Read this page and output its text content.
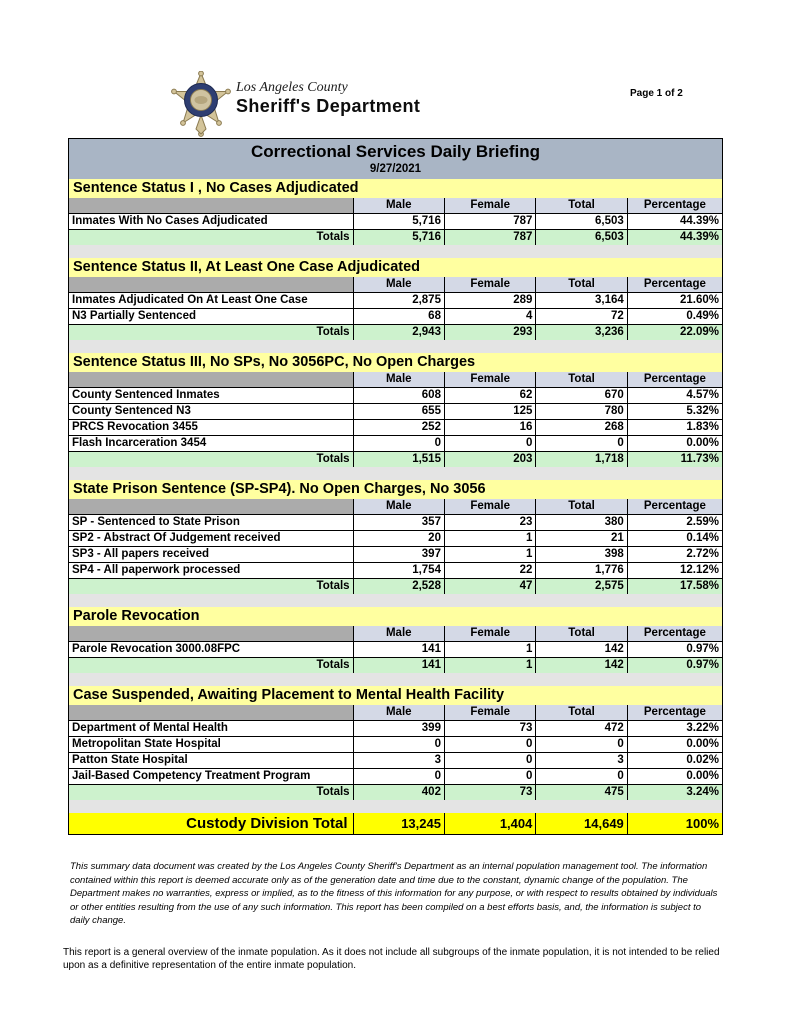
Los Angeles County
Sheriff's Department
Page 1 of 2
Correctional Services Daily Briefing
9/27/2021
Sentence Status I , No Cases Adjudicated
	Male	Female	Total	Percentage
Inmates With No Cases Adjudicated	5,716	787	6,503	44.39%
Totals	5,716	787	6,503	44.39%
Sentence Status II, At Least One Case Adjudicated
	Male	Female	Total	Percentage
Inmates Adjudicated On At Least One Case	2,875	289	3,164	21.60%
N3 Partially Sentenced	68	4	72	0.49%
Totals	2,943	293	3,236	22.09%
Sentence Status III, No SPs, No 3056PC, No Open Charges
	Male	Female	Total	Percentage
County Sentenced Inmates	608	62	670	4.57%
County Sentenced N3	655	125	780	5.32%
PRCS Revocation 3455	252	16	268	1.83%
Flash Incarceration 3454	0	0	0	0.00%
Totals	1,515	203	1,718	11.73%
State Prison Sentence (SP-SP4). No Open Charges, No 3056
	Male	Female	Total	Percentage
SP - Sentenced to State Prison	357	23	380	2.59%
SP2 - Abstract Of Judgement received	20	1	21	0.14%
SP3 - All papers received	397	1	398	2.72%
SP4 - All paperwork processed	1,754	22	1,776	12.12%
Totals	2,528	47	2,575	17.58%
Parole Revocation
	Male	Female	Total	Percentage
Parole Revocation 3000.08FPC	141	1	142	0.97%
Totals	141	1	142	0.97%
Case Suspended, Awaiting Placement to Mental Health Facility
	Male	Female	Total	Percentage
Department of Mental Health	399	73	472	3.22%
Metropolitan State Hospital	0	0	0	0.00%
Patton State Hospital	3	0	3	0.02%
Jail-Based Competency Treatment Program	0	0	0	0.00%
Totals	402	73	475	3.24%
Custody Division Total	13,245	1,404	14,649	100%
This summary data document was created by the Los Angeles County Sheriff's Department as an internal population management tool. The information contained within this report is deemed accurate only as of the generation date and time due to the constant, dynamic change of the population. The Department makes no warranties, express or implied, as to the fitness of this information for any purpose, or with respect to results obtained by individuals or other entities resulting from the use of any such information. This report has been compiled on a best efforts basis, and, the information is subject to daily change.
This report is a general overview of the inmate population. As it does not include all subgroups of the inmate population, it is not intended to be relied upon as a definitive representation of the entire inmate population.
